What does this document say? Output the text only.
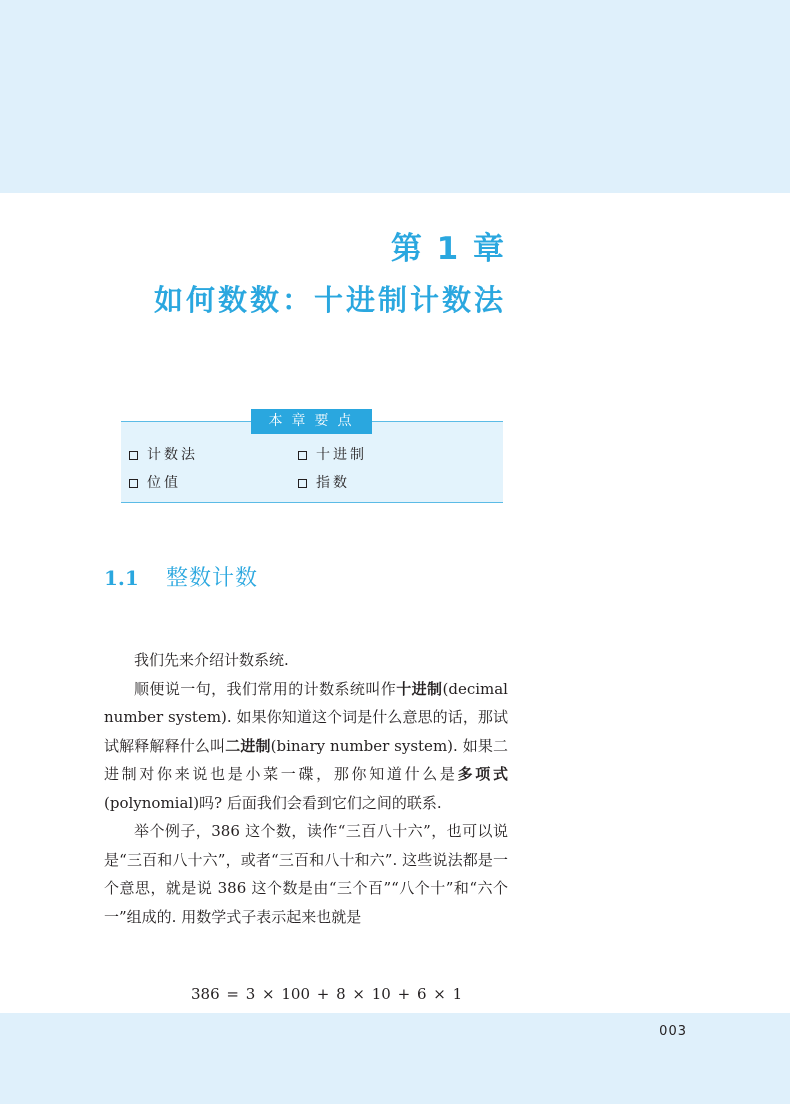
第 1 章
如何数数：十进制计数法
本章要点
计数法	十进制
位值	指数
1.1 整数计数

我们先来介绍计数系统.

顺便说一句，我们常用的计数系统叫作十进制(decimal number system). 如果你知道这个词是什么意思的话，那试试解释解释什么叫二进制(binary number system). 如果二进制对你来说也是小菜一碟，那你知道什么是多项式(polynomial)吗? 后面我们会看到它们之间的联系.

举个例子，386 这个数，读作“三百八十六”，也可以说是“三百和八十六”，或者“三百和八十和六”. 这些说法都是一个意思，就是说 386 这个数是由“三个百”“八个十”和“六个一”组成的. 用数学式子表示起来也就是

386 = 3 × 100 + 8 × 10 + 6 × 1
003
